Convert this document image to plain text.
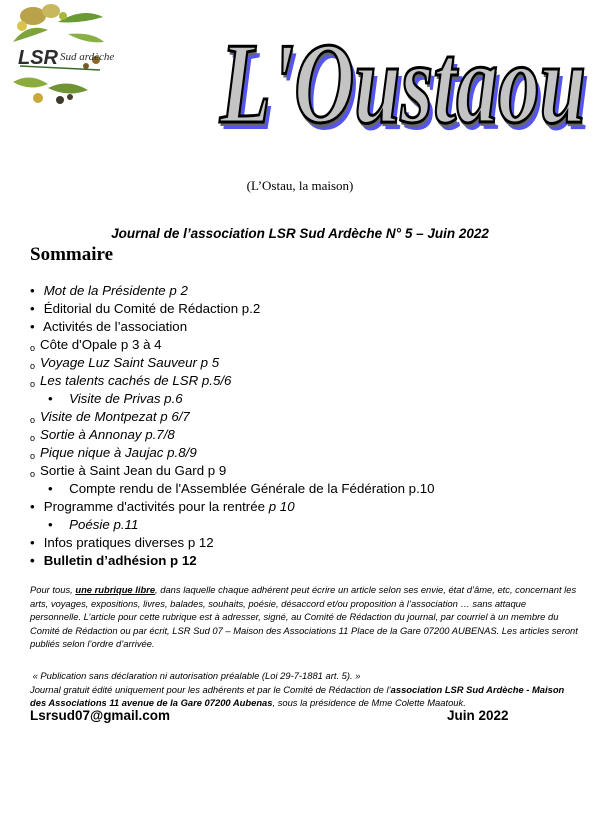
LSR Sud ardèche L'Oustaou
L'Oustaou
L'Oustaou
(L’Ostau, la maison)
Journal de l’association LSR Sud Ardèche N° 5 – Juin 2022
Sommaire
• Mot de la Présidente p 2
• Éditorial du Comité de Rédaction p.2
• Activités de l’association
o Côte d'Opale p 3 à 4
o Voyage Luz Saint Sauveur p 5
o Les talents cachés de LSR p.5/6
• Visite de Privas p.6
o Visite de Montpezat p 6/7
o Sortie à Annonay p.7/8
o Pique nique à Jaujac p.8/9
o Sortie à Saint Jean du Gard p 9
• Compte rendu de l'Assemblée Générale de la Fédération p.10
• Programme d'activités pour la rentrée p 10
• Poésie p.11
• Infos pratiques diverses p 12
• Bulletin d’adhésion p 12

Pour tous, une rubrique libre, dans laquelle chaque adhérent peut écrire un article selon ses envie, état d’âme, etc, concernant les arts, voyages, expositions, livres, balades, souhaits, poésie, désaccord et/ou proposition à l’association … sans attaque personnelle. L’article pour cette rubrique est à adresser, signé, au Comité de Rédaction du journal, par courriel à un membre du Comité de Rédaction ou par écrit, LSR Sud 07 – Maison des Associations 11 Place de la Gare 07200 AUBENAS. Les articles seront publiés selon l’ordre d’arrivée.

« Publication sans déclaration ni autorisation préalable (Loi 29-7-1881 art. 5). »

Journal gratuit édité uniquement pour les adhérents et par le Comité de Rédaction de l’association LSR Sud Ardèche - Maison des Associations 11 avenue de la Gare 07200 Aubenas, sous la présidence de Mme Colette Maatouk.

Lsrsud07@gmail.com	Juin 2022
